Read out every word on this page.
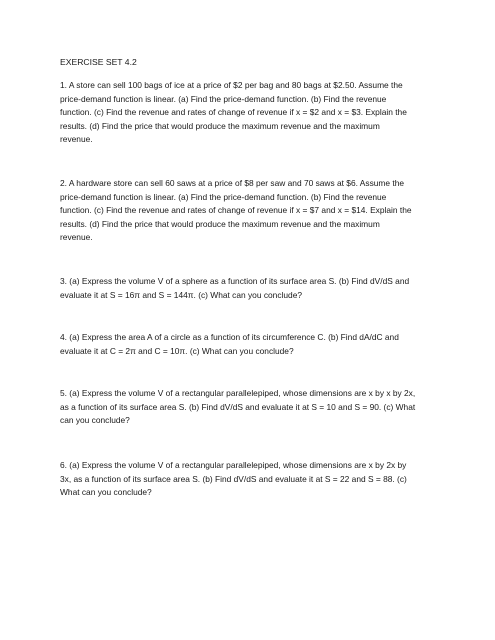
EXERCISE SET 4.2

1. A store can sell 100 bags of ice at a price of $2 per bag and 80 bags at $2.50. Assume the
price-demand function is linear. (a) Find the price-demand function. (b) Find the revenue
function. (c) Find the revenue and rates of change of revenue if x = $2 and x = $3. Explain the
results. (d) Find the price that would produce the maximum revenue and the maximum
revenue.

2. A hardware store can sell 60 saws at a price of $8 per saw and 70 saws at $6. Assume the
price-demand function is linear. (a) Find the price-demand function. (b) Find the revenue
function. (c) Find the revenue and rates of change of revenue if x = $7 and x = $14. Explain the
results. (d) Find the price that would produce the maximum revenue and the maximum
revenue.

3. (a) Express the volume V of a sphere as a function of its surface area S. (b) Find dV/dS and
evaluate it at S = 16π and S = 144π. (c) What can you conclude?

4. (a) Express the area A of a circle as a function of its circumference C. (b) Find dA/dC and
evaluate it at C = 2π and C = 10π. (c) What can you conclude?

5. (a) Express the volume V of a rectangular parallelepiped, whose dimensions are x by x by 2x,
as a function of its surface area S. (b) Find dV/dS and evaluate it at S = 10 and S = 90. (c) What
can you conclude?

6. (a) Express the volume V of a rectangular parallelepiped, whose dimensions are x by 2x by
3x, as a function of its surface area S. (b) Find dV/dS and evaluate it at S = 22 and S = 88. (c)
What can you conclude?
